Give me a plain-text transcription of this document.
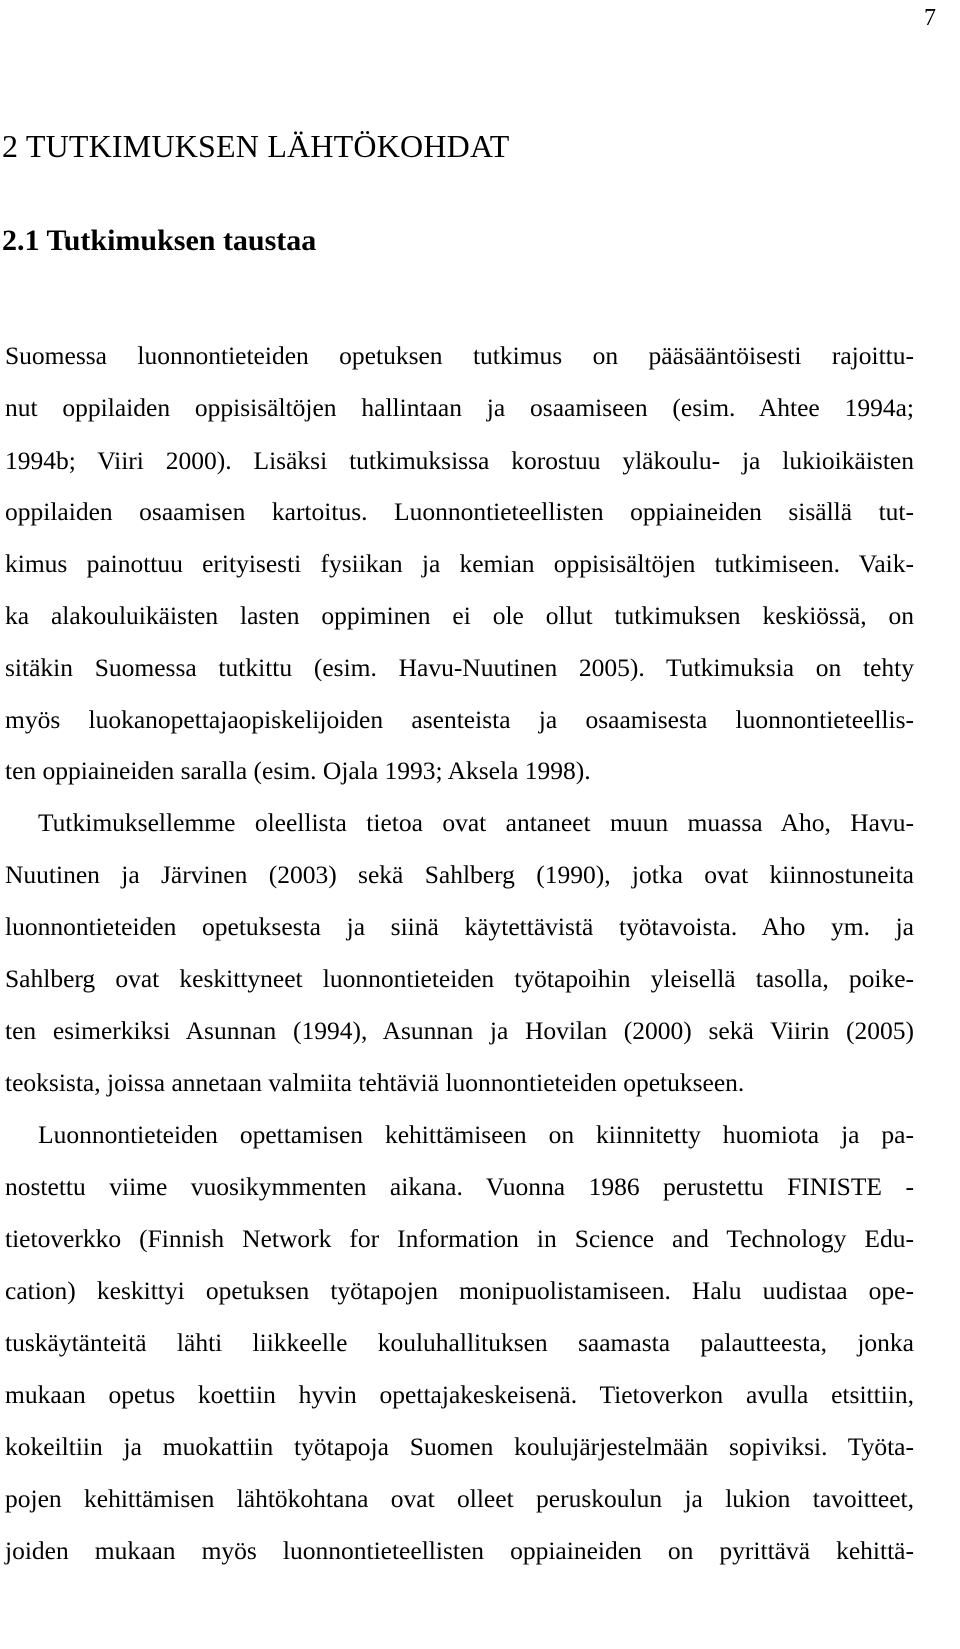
7
2 TUTKIMUKSEN LÄHTÖKOHDAT
2.1 Tutkimuksen taustaa
Suomessa luonnontieteiden opetuksen tutkimus on pääsääntöisesti rajoittu-
nut oppilaiden oppisisältöjen hallintaan ja osaamiseen (esim. Ahtee 1994a;
1994b; Viiri 2000). Lisäksi tutkimuksissa korostuu yläkoulu- ja lukioikäisten
oppilaiden osaamisen kartoitus. Luonnontieteellisten oppiaineiden sisällä tut-
kimus painottuu erityisesti fysiikan ja kemian oppisisältöjen tutkimiseen. Vaik-
ka alakouluikäisten lasten oppiminen ei ole ollut tutkimuksen keskiössä, on
sitäkin Suomessa tutkittu (esim. Havu-Nuutinen 2005). Tutkimuksia on tehty
myös luokanopettajaopiskelijoiden asenteista ja osaamisesta luonnontieteellis-
ten oppiaineiden saralla (esim. Ojala 1993; Aksela 1998).
Tutkimuksellemme oleellista tietoa ovat antaneet muun muassa Aho, Havu-
Nuutinen ja Järvinen (2003) sekä Sahlberg (1990), jotka ovat kiinnostuneita
luonnontieteiden opetuksesta ja siinä käytettävistä työtavoista. Aho ym. ja
Sahlberg ovat keskittyneet luonnontieteiden työtapoihin yleisellä tasolla, poike-
ten esimerkiksi Asunnan (1994), Asunnan ja Hovilan (2000) sekä Viirin (2005)
teoksista, joissa annetaan valmiita tehtäviä luonnontieteiden opetukseen.
Luonnontieteiden opettamisen kehittämiseen on kiinnitetty huomiota ja pa-
nostettu viime vuosikymmenten aikana. Vuonna 1986 perustettu FINISTE -
tietoverkko (Finnish Network for Information in Science and Technology Edu-
cation) keskittyi opetuksen työtapojen monipuolistamiseen. Halu uudistaa ope-
tuskäytänteitä lähti liikkeelle kouluhallituksen saamasta palautteesta, jonka
mukaan opetus koettiin hyvin opettajakeskeisenä. Tietoverkon avulla etsittiin,
kokeiltiin ja muokattiin työtapoja Suomen koulujärjestelmään sopiviksi. Työta-
pojen kehittämisen lähtökohtana ovat olleet peruskoulun ja lukion tavoitteet,
joiden mukaan myös luonnontieteellisten oppiaineiden on pyrittävä kehittä-
